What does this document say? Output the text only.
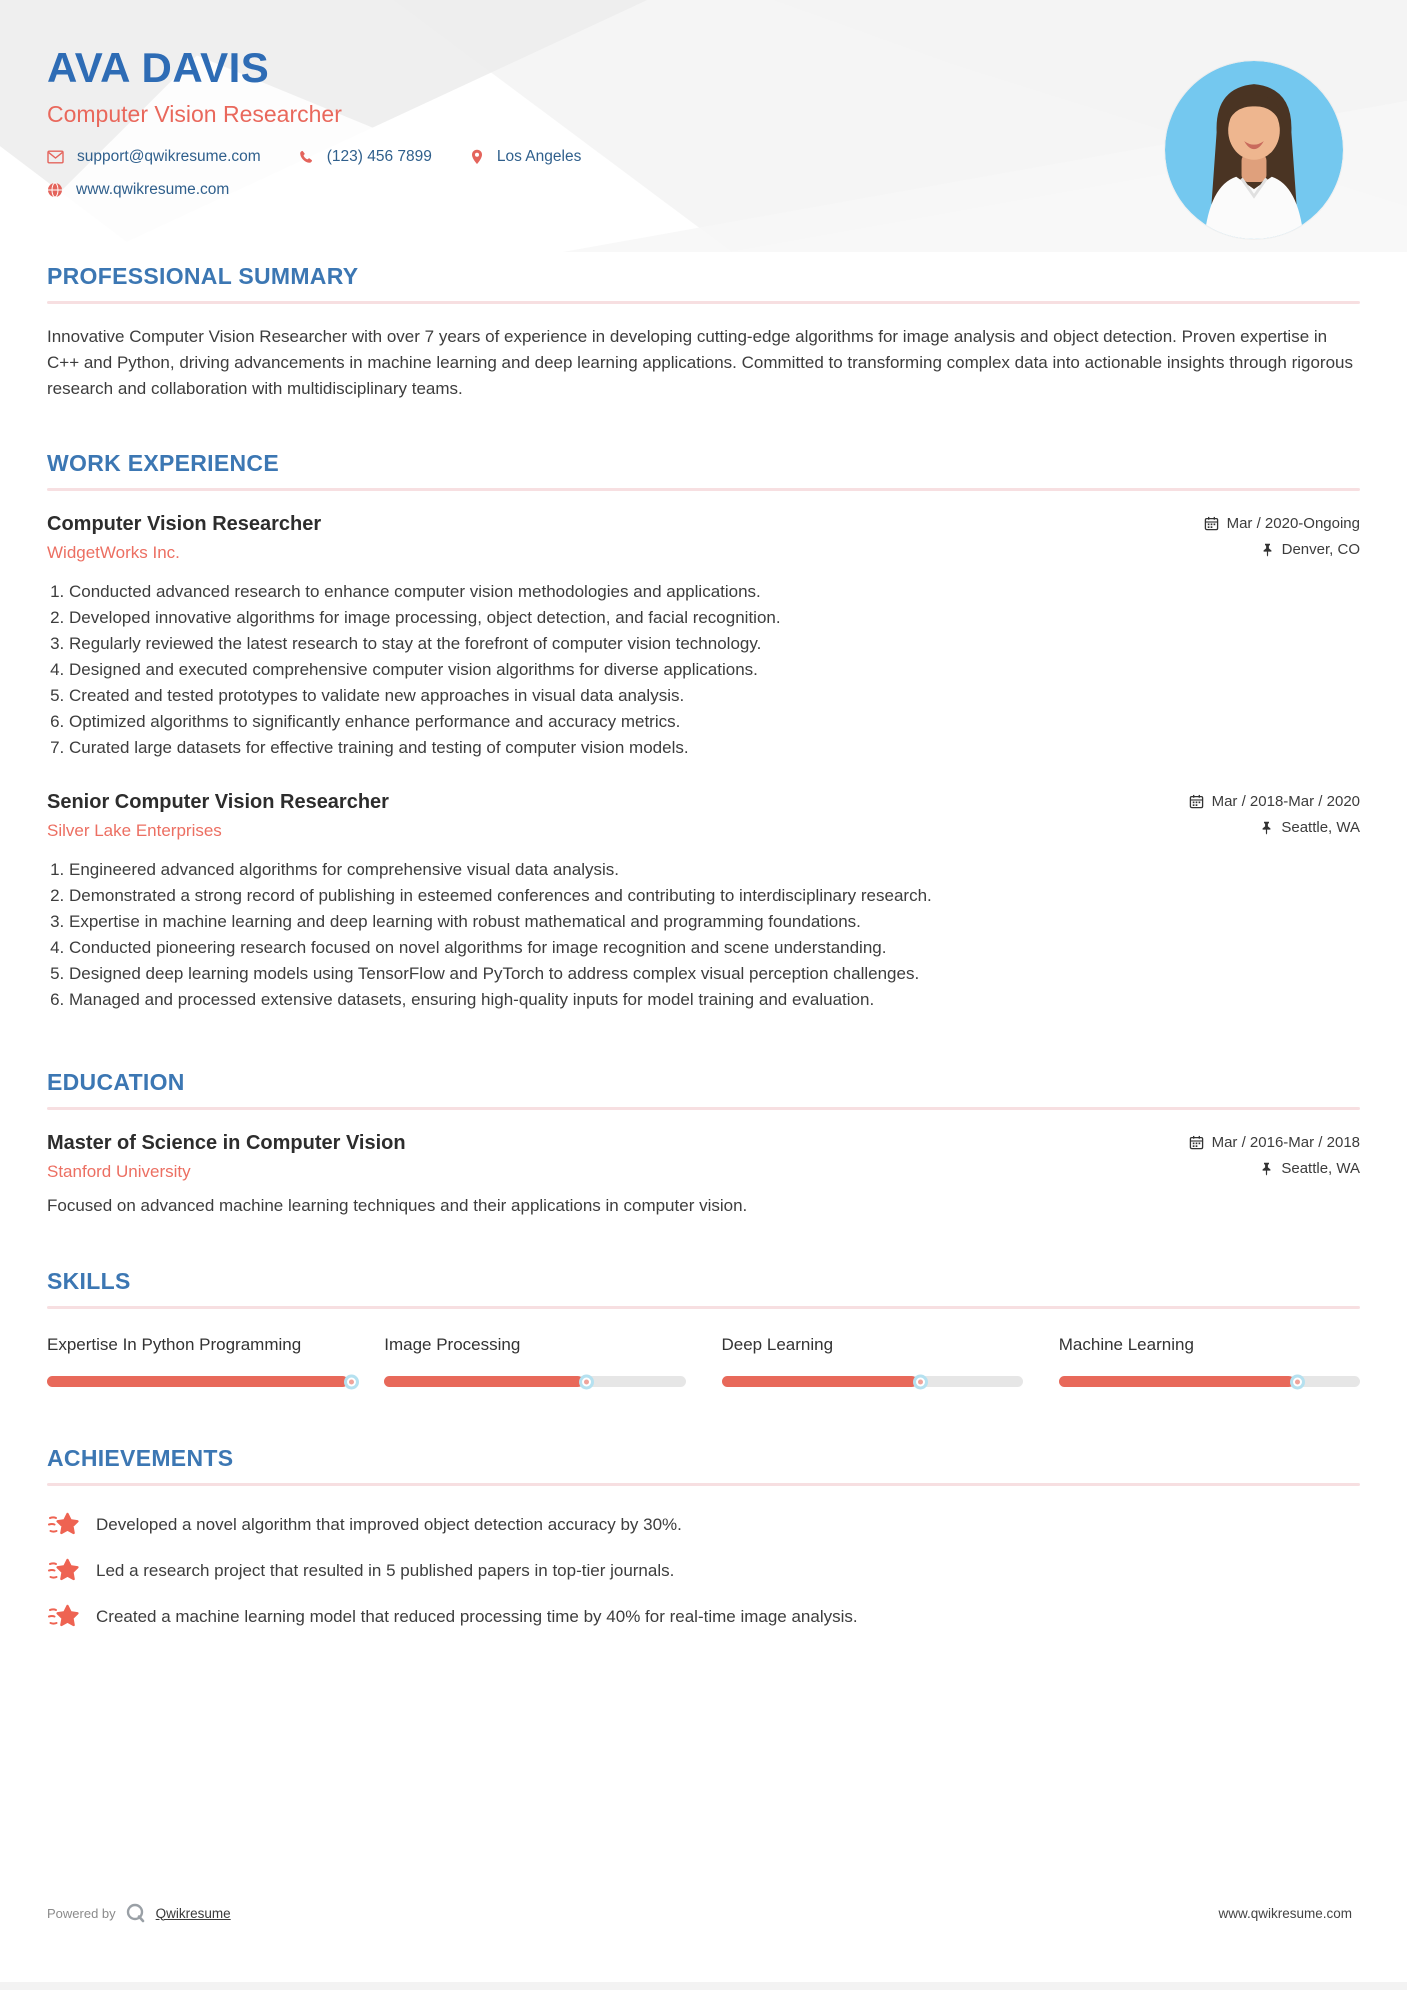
AVA DAVIS
Computer Vision Researcher
support@qwikresume.com	(123) 456 7899	Los Angeles
www.qwikresume.com
PROFESSIONAL SUMMARY

Innovative Computer Vision Researcher with over 7 years of experience in developing cutting-edge algorithms for image analysis and object detection. Proven expertise in C++ and Python, driving advancements in machine learning and deep learning applications. Committed to transforming complex data into actionable insights through rigorous research and collaboration with multidisciplinary teams.

WORK EXPERIENCE
Computer Vision Researcher
WidgetWorks Inc.
Mar / 2020-Ongoing
Denver, CO
1. Conducted advanced research to enhance computer vision methodologies and applications.
2. Developed innovative algorithms for image processing, object detection, and facial recognition.
3. Regularly reviewed the latest research to stay at the forefront of computer vision technology.
4. Designed and executed comprehensive computer vision algorithms for diverse applications.
5. Created and tested prototypes to validate new approaches in visual data analysis.
6. Optimized algorithms to significantly enhance performance and accuracy metrics.
7. Curated large datasets for effective training and testing of computer vision models.
Senior Computer Vision Researcher
Silver Lake Enterprises
Mar / 2018-Mar / 2020
Seattle, WA
1. Engineered advanced algorithms for comprehensive visual data analysis.
2. Demonstrated a strong record of publishing in esteemed conferences and contributing to interdisciplinary research.
3. Expertise in machine learning and deep learning with robust mathematical and programming foundations.
4. Conducted pioneering research focused on novel algorithms for image recognition and scene understanding.
5. Designed deep learning models using TensorFlow and PyTorch to address complex visual perception challenges.
6. Managed and processed extensive datasets, ensuring high-quality inputs for model training and evaluation.
EDUCATION
Master of Science in Computer Vision
Stanford University
Mar / 2016-Mar / 2018
Seattle, WA

Focused on advanced machine learning techniques and their applications in computer vision.

SKILLS
Expertise In Python Programming	Image Processing	Deep Learning	Machine Learning
ACHIEVEMENTS
Developed a novel algorithm that improved object detection accuracy by 30%.
Led a research project that resulted in 5 published papers in top-tier journals.
Created a machine learning model that reduced processing time by 40% for real-time image analysis.
Powered by	Qwikresume	www.qwikresume.com
